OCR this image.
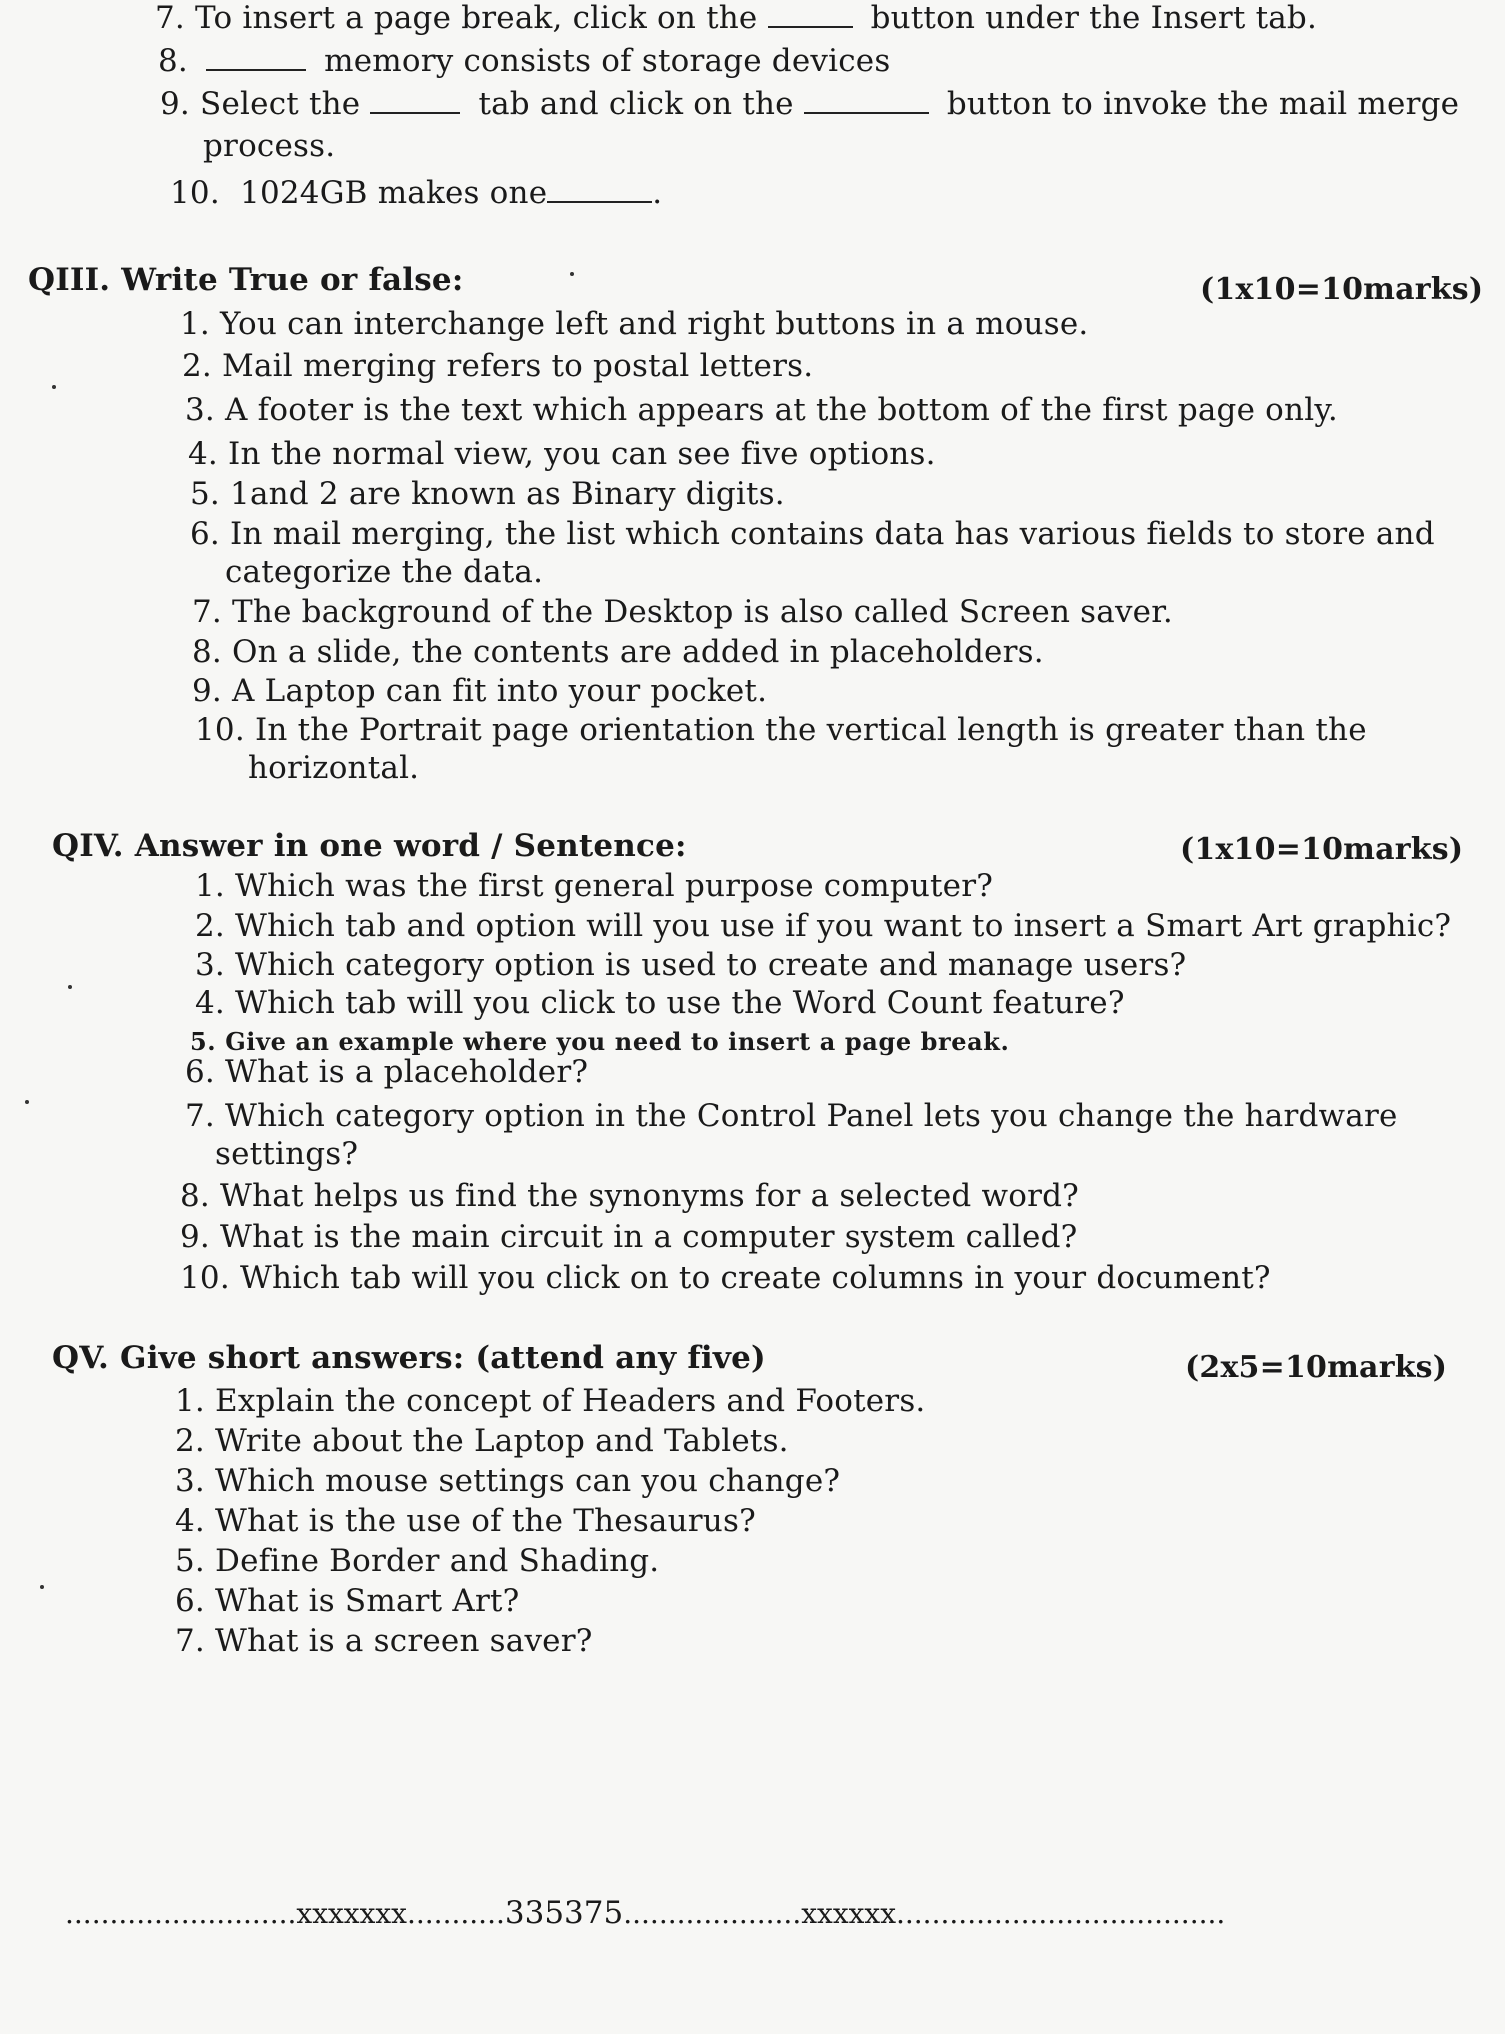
7. To insert a page break, click on the	button under the Insert tab.
8.	memory consists of storage devices
9. Select the	tab and click on the	button to invoke the mail merge
process.
10. 1024GB makes one	.
QIII. Write True or false:	(1x10=10marks)
1. You can interchange left and right buttons in a mouse.
2. Mail merging refers to postal letters.
3. A footer is the text which appears at the bottom of the first page only.
4. In the normal view, you can see five options.
5. 1and 2 are known as Binary digits.
6. In mail merging, the list which contains data has various fields to store and
categorize the data.
7. The background of the Desktop is also called Screen saver.
8. On a slide, the contents are added in placeholders.
9. A Laptop can fit into your pocket.
10. In the Portrait page orientation the vertical length is greater than the
horizontal.
QIV. Answer in one word / Sentence:	(1x10=10marks)
1. Which was the first general purpose computer?
2. Which tab and option will you use if you want to insert a Smart Art graphic?
3. Which category option is used to create and manage users?
4. Which tab will you click to use the Word Count feature?
5. Give an example where you need to insert a page break.
6. What is a placeholder?
7. Which category option in the Control Panel lets you change the hardware
settings?
8. What helps us find the synonyms for a selected word?
9. What is the main circuit in a computer system called?
10. Which tab will you click on to create columns in your document?
QV. Give short answers: (attend any five)	(2x5=10marks)
1. Explain the concept of Headers and Footers.
2. Write about the Laptop and Tablets.
3. Which mouse settings can you change?
4. What is the use of the Thesaurus?
5. Define Border and Shading.
6. What is Smart Art?
7. What is a screen saver?
..........................xxxxxxx...........335375....................xxxxxx.....................................
